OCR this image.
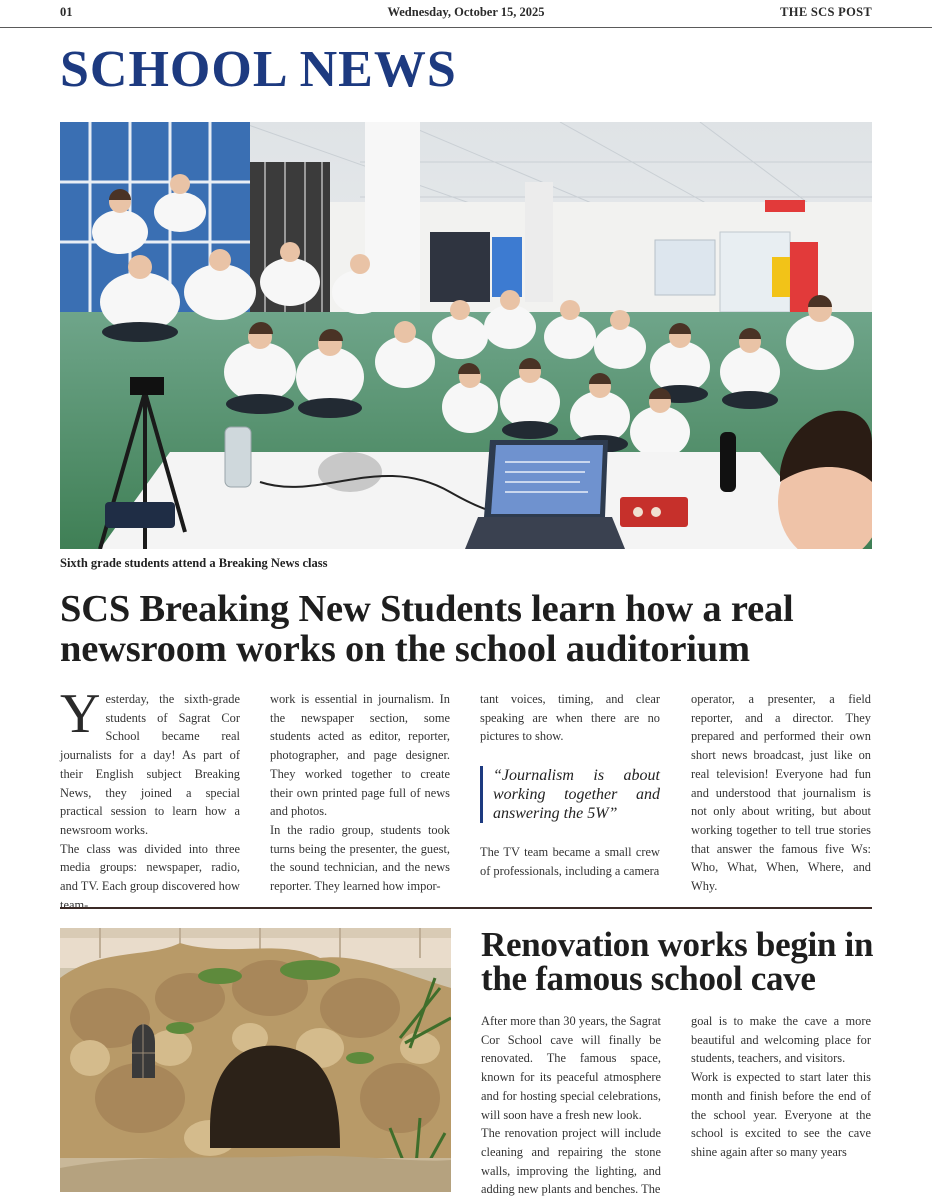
01	Wednesday, October 15, 2025	THE SCS POST
SCHOOL NEWS
Sixth grade students attend a Breaking News class
SCS Breaking New Students learn how a real newsroom works on the school auditorium

Yesterday, the sixth-grade students of Sagrat Cor School became real journalists for a day! As part of their English subject Breaking News, they joined a special practical session to learn how a newsroom works.

The class was divided into three media groups: newspaper, radio, and TV. Each group discovered how team-

work is essential in journalism. In the newspaper section, some students acted as editor, reporter, photographer, and page designer. They worked together to create their own printed page full of news and photos.

In the radio group, students took turns being the presenter, the guest, the sound technician, and the news reporter. They learned how impor-

tant voices, timing, and clear speaking are when there are no pictures to show.

“Journalism is about working together and answering the 5W”

The TV team became a small crew of professionals, including a camera

operator, a presenter, a field reporter, and a director. They prepared and performed their own short news broadcast, just like on real television! Everyone had fun and understood that journalism is not only about writing, but about working together to tell true stories that answer the famous five Ws: Who, What, When, Where, and Why.

Renovation works begin in the famous school cave

After more than 30 years, the Sagrat Cor School cave will finally be renovated. The famous space, known for its peaceful atmosphere and for hosting special celebrations, will soon have a fresh new look.

The renovation project will include cleaning and repairing the stone walls, improving the lighting, and adding new plants and benches. The

goal is to make the cave a more beautiful and welcoming place for students, teachers, and visitors.

Work is expected to start later this month and finish before the end of the school year. Everyone at the school is excited to see the cave shine again after so many years
